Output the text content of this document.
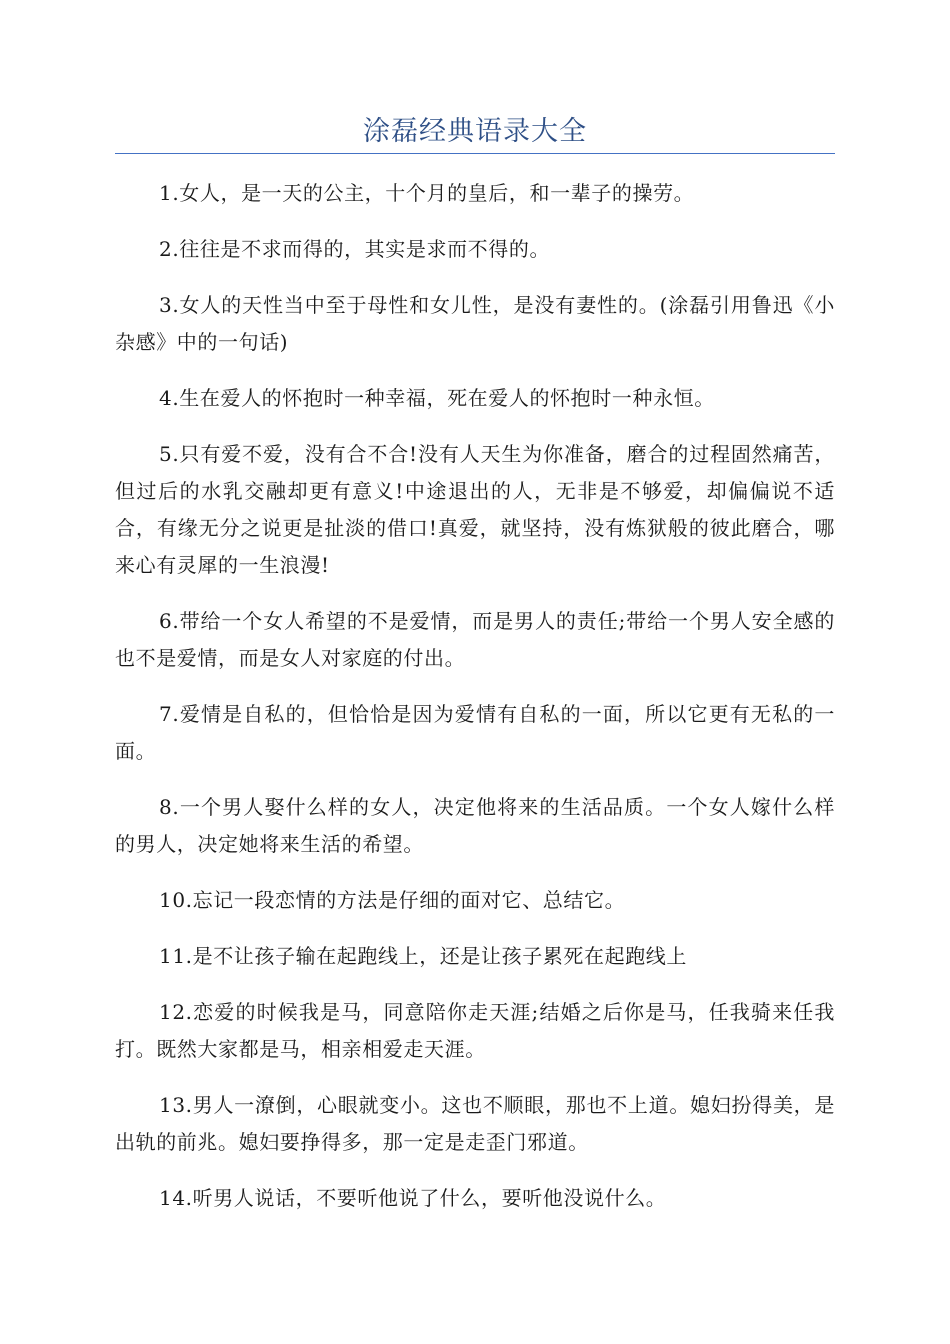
涂磊经典语录大全

1.女人，是一天的公主，十个月的皇后，和一辈子的操劳。

2.往往是不求而得的，其实是求而不得的。

3.女人的天性当中至于母性和女儿性，是没有妻性的。(涂磊引用鲁迅《小杂感》中的一句话)

4.生在爱人的怀抱时一种幸福，死在爱人的怀抱时一种永恒。

5.只有爱不爱，没有合不合!没有人天生为你准备，磨合的过程固然痛苦，但过后的水乳交融却更有意义!中途退出的人，无非是不够爱，却偏偏说不适合，有缘无分之说更是扯淡的借口!真爱，就坚持，没有炼狱般的彼此磨合，哪来心有灵犀的一生浪漫!

6.带给一个女人希望的不是爱情，而是男人的责任;带给一个男人安全感的也不是爱情，而是女人对家庭的付出。

7.爱情是自私的，但恰恰是因为爱情有自私的一面，所以它更有无私的一面。

8.一个男人娶什么样的女人，决定他将来的生活品质。一个女人嫁什么样的男人，决定她将来生活的希望。

10.忘记一段恋情的方法是仔细的面对它、总结它。

11.是不让孩子输在起跑线上，还是让孩子累死在起跑线上

12.恋爱的时候我是马，同意陪你走天涯;结婚之后你是马，任我骑来任我打。既然大家都是马，相亲相爱走天涯。

13.男人一潦倒，心眼就变小。这也不顺眼，那也不上道。媳妇扮得美，是出轨的前兆。媳妇要挣得多，那一定是走歪门邪道。

14.听男人说话，不要听他说了什么，要听他没说什么。
